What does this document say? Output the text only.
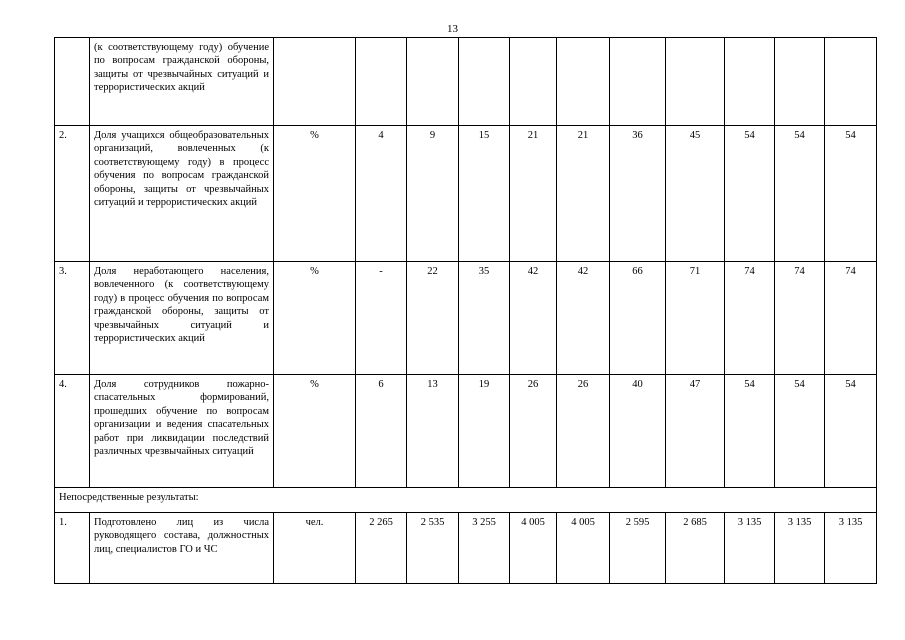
13
	(к соответствующему году) обучение по вопросам гражданской обороны, защиты от чрезвычайных ситуаций и террористических акций											
2.	Доля учащихся общеобразовательных организаций, вовлеченных (к соответствующему году) в процесс обучения по вопросам гражданской обороны, защиты от чрезвычайных ситуаций и террористических акций	%	4	9	15	21	21	36	45	54	54	54
3.	Доля неработающего населения, вовлеченного (к соответствующему году) в процесс обучения по вопросам гражданской обороны, защиты от чрезвычайных ситуаций и террористических акций	%	-	22	35	42	42	66	71	74	74	74
4.	Доля сотрудников пожарно-спасательных формирований, прошедших обучение по вопросам организации и ведения спасательных работ при ликвидации последствий различных чрезвычайных ситуаций	%	6	13	19	26	26	40	47	54	54	54
Непосредственные результаты:												
1.	Подготовлено лиц из числа руководящего состава, должностных лиц, специалистов ГО и ЧС	чел.	2 265	2 535	3 255	4 005	4 005	2 595	2 685	3 135	3 135	3 135
